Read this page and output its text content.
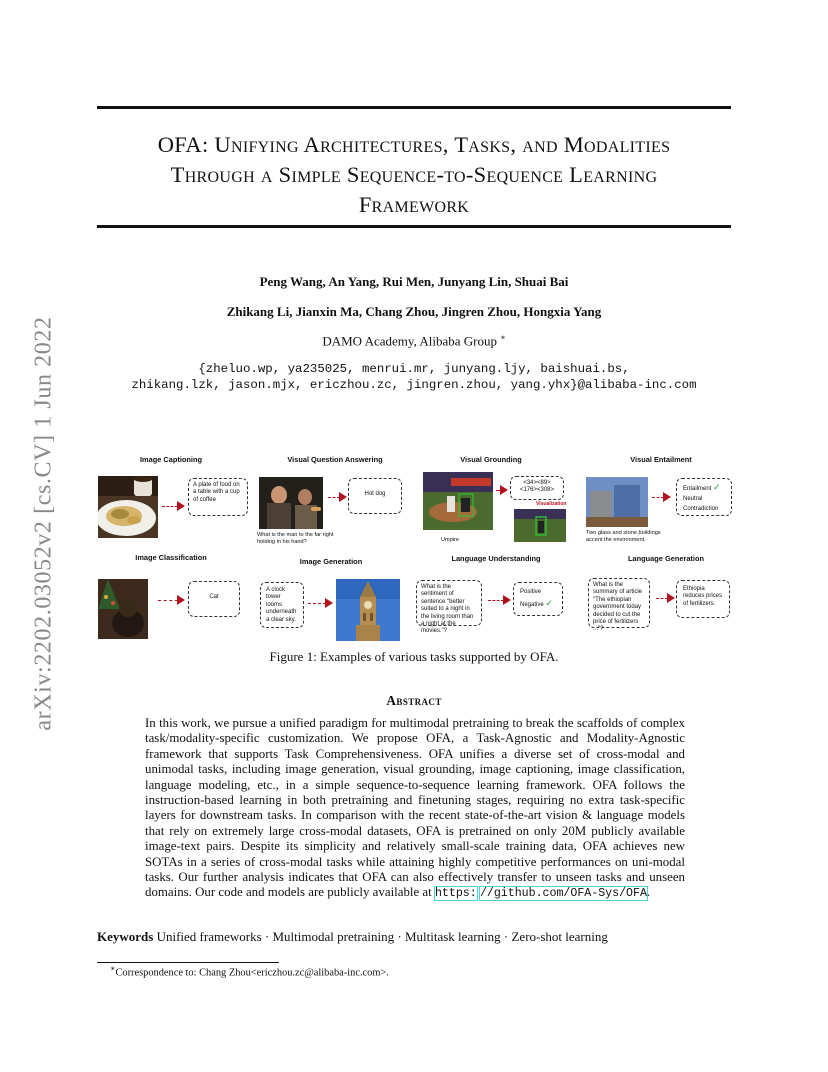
arXiv:2202.03052v2 [cs.CV] 1 Jun 2022
OFA: Unifying Architectures, Tasks, and Modalities
Through a Simple Sequence-to-Sequence Learning
Framework
Peng Wang, An Yang, Rui Men, Junyang Lin, Shuai Bai
Zhikang Li, Jianxin Ma, Chang Zhou, Jingren Zhou, Hongxia Yang
DAMO Academy, Alibaba Group ∗
{zheluo.wp, ya235025, menrui.mr, junyang.ljy, baishuai.bs,
zhikang.lzk, jason.mjx, ericzhou.zc, jingren.zhou, yang.yhx}@alibaba-inc.com
Image Captioning
A plate of food on a table with a cup of coffee
Visual Question Answering
What is the man to the far right holding in his hand?
Hot dog
Visual Grounding
<34><89>
<176><308>
Visualization
Umpire
Visual Entailment
Two glass and stone buildings accent the environment.
Entailment ✓
Neutral
Contradiction
Image Classification
Cat
Image Generation
A clock tower looms underneath a clear sky.
Language Understanding
What is the sentiment of sentence "better suited to a night in the living room than a night at the movies."?
Positive
Negative ✓
Language Generation
What is the summary of article "The ethiopian government today decided to cut the price of fertilizers ..."?
Ethiopia reduces prices of fertilizers.
Figure 1: Examples of various tasks supported by OFA.
Abstract
In this work, we pursue a unified paradigm for multimodal pretraining to break the scaffolds of complex task/modality-specific customization. We propose OFA, a Task-Agnostic and Modality-Agnostic framework that supports Task Comprehensiveness. OFA unifies a diverse set of cross-modal and unimodal tasks, including image generation, visual grounding, image captioning, image classification, language modeling, etc., in a simple sequence-to-sequence learning framework. OFA follows the instruction-based learning in both pretraining and finetuning stages, requiring no extra task-specific layers for downstream tasks. In comparison with the recent state-of-the-art vision & language models that rely on extremely large cross-modal datasets, OFA is pretrained on only 20M publicly available image-text pairs. Despite its simplicity and relatively small-scale training data, OFA achieves new SOTAs in a series of cross-modal tasks while attaining highly competitive performances on uni-modal tasks. Our further analysis indicates that OFA can also effectively transfer to unseen tasks and unseen domains. Our code and models are publicly available at https: //github.com/OFA-Sys/OFA.
Keywords Unified frameworks · Multimodal pretraining · Multitask learning · Zero-shot learning
∗Correspondence to: Chang Zhou<ericzhou.zc@alibaba-inc.com>.
